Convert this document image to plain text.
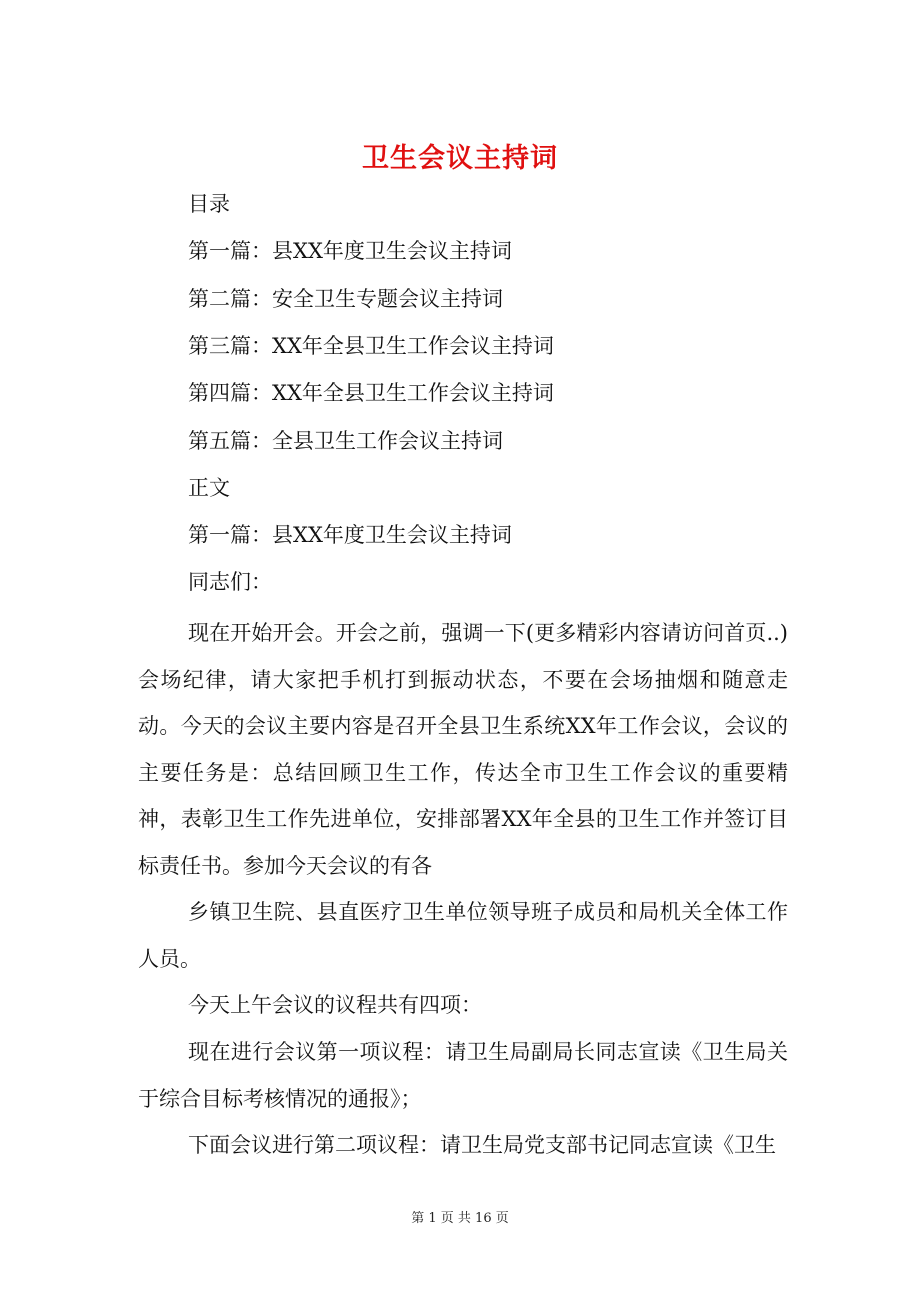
卫生会议主持词
目录
第一篇：县XX年度卫生会议主持词
第二篇：安全卫生专题会议主持词
第三篇：XX年全县卫生工作会议主持词
第四篇：XX年全县卫生工作会议主持词
第五篇：全县卫生工作会议主持词
正文
第一篇：县XX年度卫生会议主持词
同志们：
现在开始开会。开会之前，强调一下(更多精彩内容请访问首页..)会场纪律，请大家把手机打到振动状态，不要在会场抽烟和随意走动。今天的会议主要内容是召开全县卫生系统XX年工作会议，会议的主要任务是：总结回顾卫生工作，传达全市卫生工作会议的重要精神，表彰卫生工作先进单位，安排部署XX年全县的卫生工作并签订目标责任书。参加今天会议的有各
乡镇卫生院、县直医疗卫生单位领导班子成员和局机关全体工作人员。
今天上午会议的议程共有四项：
现在进行会议第一项议程：请卫生局副局长同志宣读《卫生局关于综合目标考核情况的通报》；
下面会议进行第二项议程：请卫生局党支部书记同志宣读《卫生
第 1 页 共 16 页
